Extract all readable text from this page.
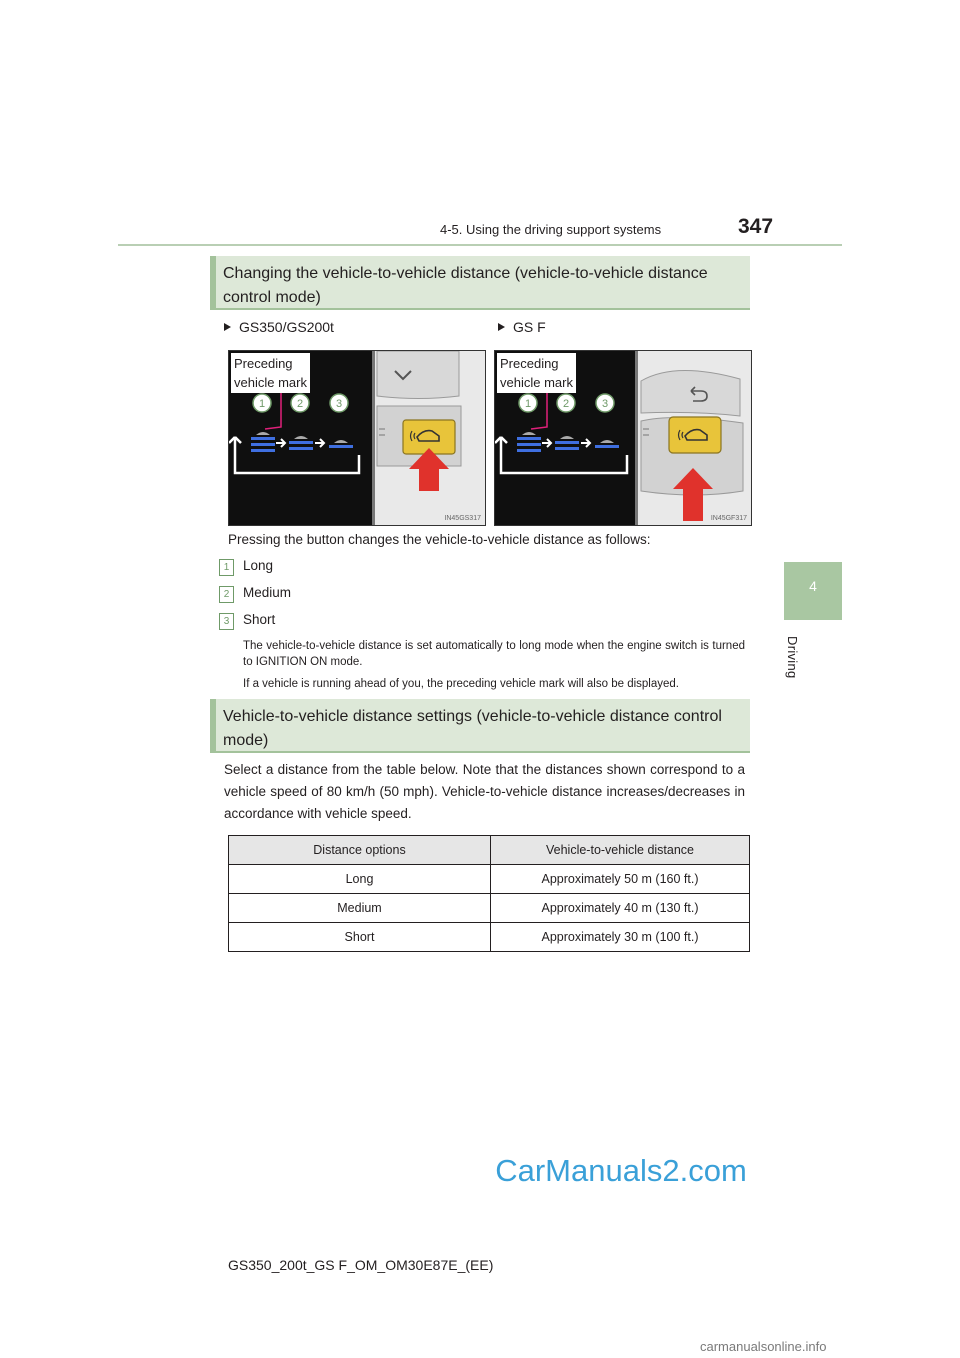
4-5. Using the driving support systems	347
4
Driving
Changing the vehicle-to-vehicle distance (vehicle-to-vehicle distance control mode)
GS350/GS200t	GS F
1	2	3
Preceding
vehicle mark
IN45GS317
1	2	3
Preceding
vehicle mark
IN45GF317
Pressing the button changes the vehicle-to-vehicle distance as follows:
1	Long
2	Medium
3	Short
The vehicle-to-vehicle distance is set automatically to long mode when the engine switch is turned to IGNITION ON mode.
If a vehicle is running ahead of you, the preceding vehicle mark will also be displayed.
Vehicle-to-vehicle distance settings (vehicle-to-vehicle distance control mode)
Select a distance from the table below. Note that the distances shown correspond to a vehicle speed of 80 km/h (50 mph). Vehicle-to-vehicle distance increases/decreases in accordance with vehicle speed.
Distance options	Vehicle-to-vehicle distance
Long	Approximately 50 m (160 ft.)
Medium	Approximately 40 m (130 ft.)
Short	Approximately 30 m (100 ft.)
CarManuals2.com
carmanualsonline.info
GS350_200t_GS F_OM_OM30E87E_(EE)
